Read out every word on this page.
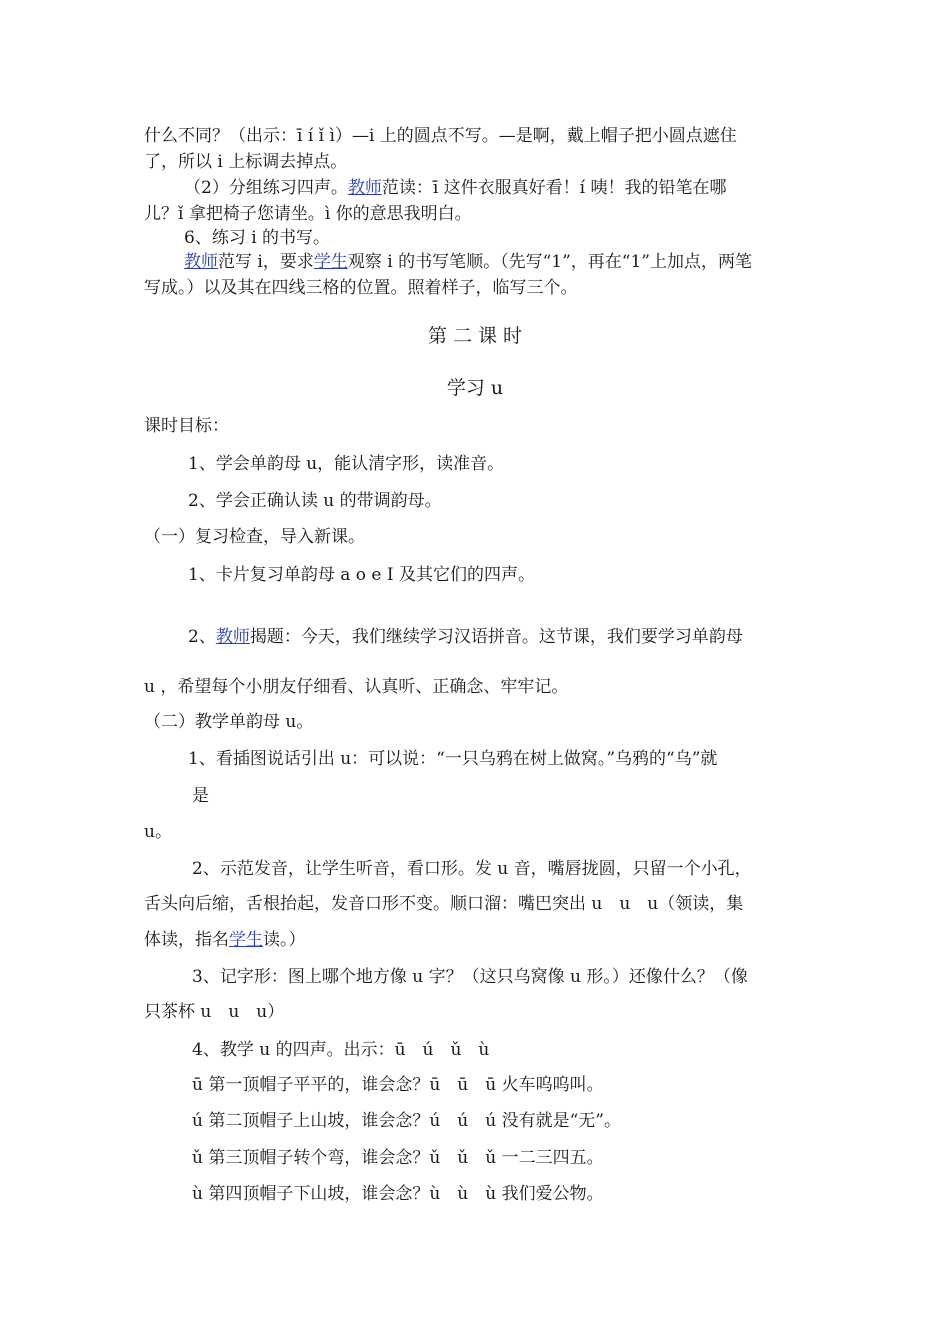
什么不同？（出示：ī í ǐ ì）—i 上的圆点不写。—是啊，戴上帽子把小圆点遮住
了，所以 i 上标调去掉点。
（2）分组练习四声。教师范读：ī 这件衣服真好看！í 咦！我的铅笔在哪
儿？ǐ 拿把椅子您请坐。ì 你的意思我明白。
6、练习 i 的书写。
教师范写 i，要求学生观察 i 的书写笔顺。（先写“1”，再在“1”上加点，两笔
写成。）以及其在四线三格的位置。照着样子，临写三个。
第 二 课 时
学习 u
课时目标：
1、学会单韵母 u，能认清字形，读准音。
2、学会正确认读 u 的带调韵母。
（一）复习检查，导入新课。
1、卡片复习单韵母 a o e I 及其它们的四声。
2、教师揭题：今天，我们继续学习汉语拼音。这节课，我们要学习单韵母
u ，希望每个小朋友仔细看、认真听、正确念、牢牢记。
（二）教学单韵母 u。
1、看插图说话引出 u：可以说：“一只乌鸦在树上做窝。”乌鸦的“乌”就
是
u。
2、示范发音，让学生听音，看口形。发 u 音，嘴唇拢圆，只留一个小孔，
舌头向后缩，舌根抬起，发音口形不变。顺口溜：嘴巴突出 u　u　u（领读，集
体读，指名学生读。）
3、记字形：图上哪个地方像 u 字？（这只乌窝像 u 形。）还像什么？（像
只茶杯 u　u　u）
4、教学 u 的四声。出示：ū　ú　ǔ　ù
ū 第一顶帽子平平的，谁会念？ū　ū　ū 火车呜呜叫。
ú 第二顶帽子上山坡，谁会念？ú　ú　ú 没有就是“无”。
ǔ 第三顶帽子转个弯，谁会念？ǔ　ǔ　ǔ 一二三四五。
ù 第四顶帽子下山坡，谁会念？ù　ù　ù 我们爱公物。
